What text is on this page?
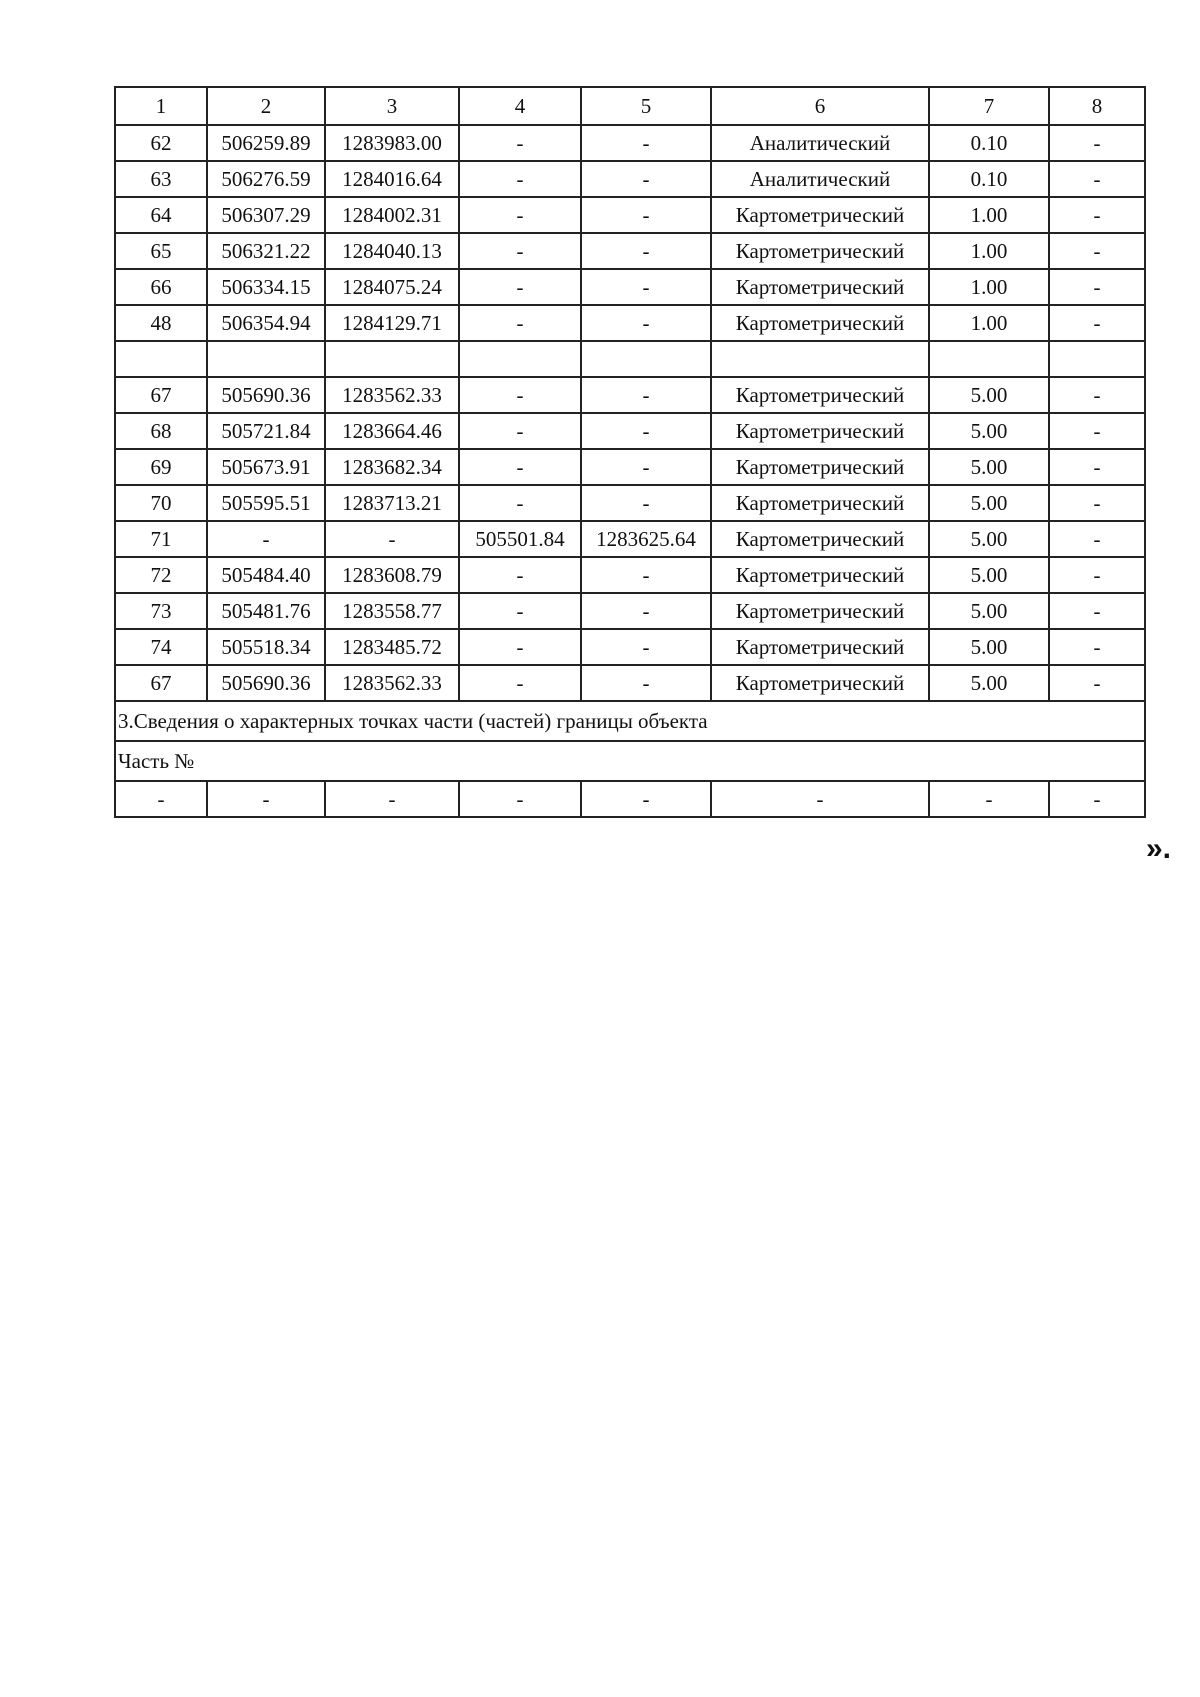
1	2	3	4	5	6	7	8
62	506259.89	1283983.00	-	-	Аналитический	0.10	-
63	506276.59	1284016.64	-	-	Аналитический	0.10	-
64	506307.29	1284002.31	-	-	Картометрический	1.00	-
65	506321.22	1284040.13	-	-	Картометрический	1.00	-
66	506334.15	1284075.24	-	-	Картометрический	1.00	-
48	506354.94	1284129.71	-	-	Картометрический	1.00	-

67	505690.36	1283562.33	-	-	Картометрический	5.00	-
68	505721.84	1283664.46	-	-	Картометрический	5.00	-
69	505673.91	1283682.34	-	-	Картометрический	5.00	-
70	505595.51	1283713.21	-	-	Картометрический	5.00	-
71	-	-	505501.84	1283625.64	Картометрический	5.00	-
72	505484.40	1283608.79	-	-	Картометрический	5.00	-
73	505481.76	1283558.77	-	-	Картометрический	5.00	-
74	505518.34	1283485.72	-	-	Картометрический	5.00	-
67	505690.36	1283562.33	-	-	Картометрический	5.00	-
3.Сведения о характерных точках части (частей) границы объекта							
Часть №							
-	-	-	-	-	-	-	-
».
